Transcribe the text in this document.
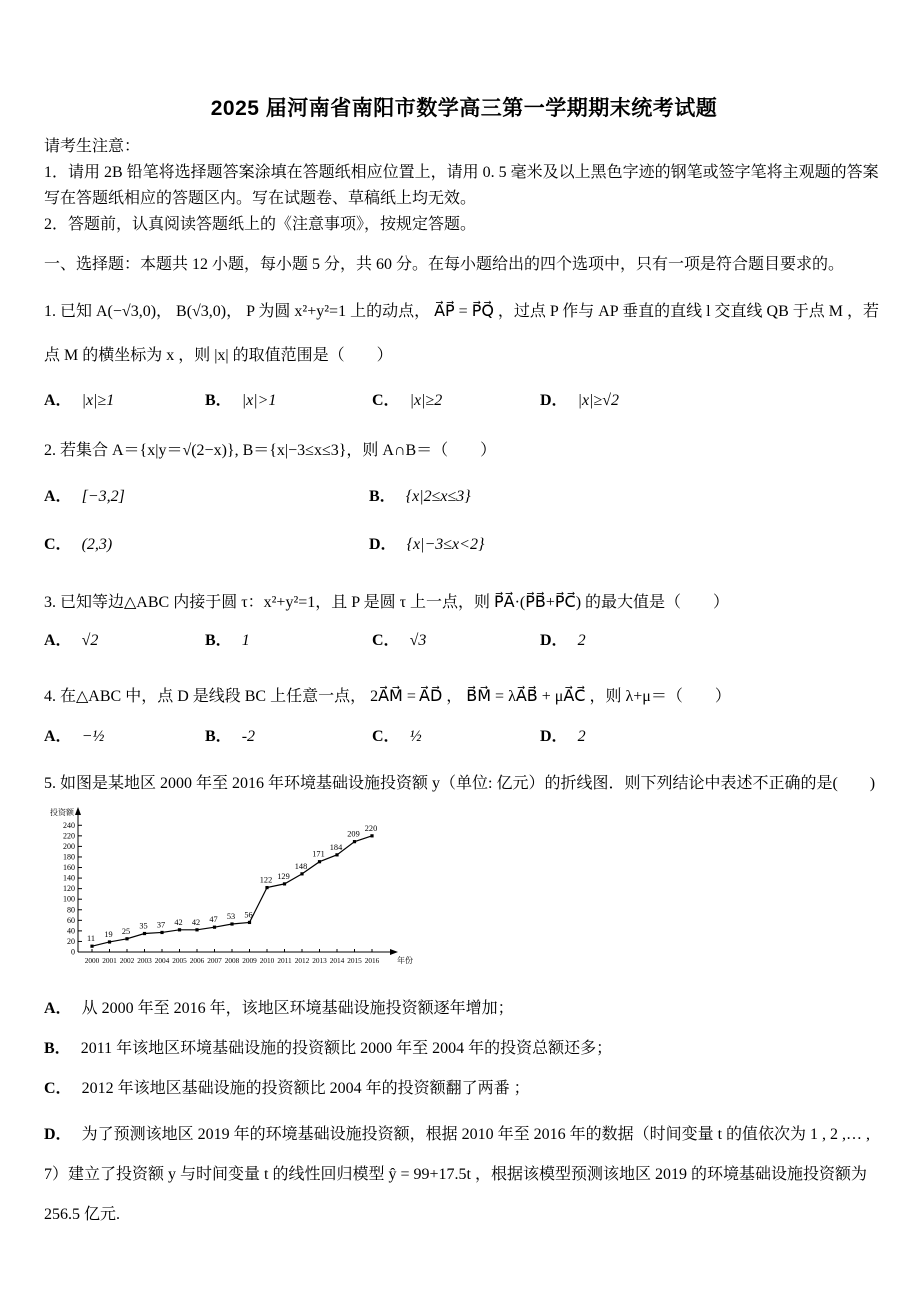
2025 届河南省南阳市数学高三第一学期期末统考试题

请考生注意：

1．请用 2B 铅笔将选择题答案涂填在答题纸相应位置上，请用 0. 5 毫米及以上黑色字迹的钢笔或签字笔将主观题的答案写在答题纸相应的答题区内。写在试题卷、草稿纸上均无效。

2．答题前，认真阅读答题纸上的《注意事项》，按规定答题。

一、选择题：本题共 12 小题，每小题 5 分，共 60 分。在每小题给出的四个选项中，只有一项是符合题目要求的。

1. 已知 A(−√3,0)， B(√3,0)， P 为圆 x²+y²=1 上的动点， A⃗P⃗ = P⃗Q⃗ ，过点 P 作与 AP 垂直的直线 l 交直线 QB 于点 M ，若点 M 的横坐标为 x ，则 |x| 的取值范围是（　　）

A． |x|≥1	B． |x|>1	C． |x|≥2	D． |x|≥√2

2. 若集合 A＝{x|y＝√(2−x)}, B＝{x|−3≤x≤3}，则 A∩B＝（　　）

A． [−3,2]	B． {x|2≤x≤3}
C． (2,3)	D． {x|−3≤x<2}

3. 已知等边△ABC 内接于圆 τ：x²+y²=1，且 P 是圆 τ 上一点，则 P⃗A⃗·(P⃗B⃗+P⃗C⃗) 的最大值是（　　）

A． √2	B． 1	C． √3	D． 2

4. 在△ABC 中，点 D 是线段 BC 上任意一点， 2A⃗M⃗ = A⃗D⃗ ， B⃗M⃗ = λA⃗B⃗ + μA⃗C⃗ ，则 λ+μ＝（　　）

A． −½	B． -2	C． ½	D． 2

5. 如图是某地区 2000 年至 2016 年环境基础设施投资额 y（单位: 亿元）的折线图．则下列结论中表述不正确的是(　　)

0
20
40
60
80
100
120
140
160
180
200
220
240
2000 2001 2002 2003 2004 2005 2006 2007 2008 2009 2010 2011 2012 2013 2014 2015 2016
11 19 25
35 37 42 42 47 53 56
122 129
148
171
184
209
220
投资额
年份

A． 从 2000 年至 2016 年，该地区环境基础设施投资额逐年增加；

B． 2011 年该地区环境基础设施的投资额比 2000 年至 2004 年的投资总额还多；

C． 2012 年该地区基础设施的投资额比 2004 年的投资额翻了两番 ；

D． 为了预测该地区 2019 年的环境基础设施投资额，根据 2010 年至 2016 年的数据（时间变量 t 的值依次为 1 , 2 ,… , 7）建立了投资额 y 与时间变量 t 的线性回归模型 ŷ = 99+17.5t ，根据该模型预测该地区 2019 的环境基础设施投资额为 256.5 亿元.
